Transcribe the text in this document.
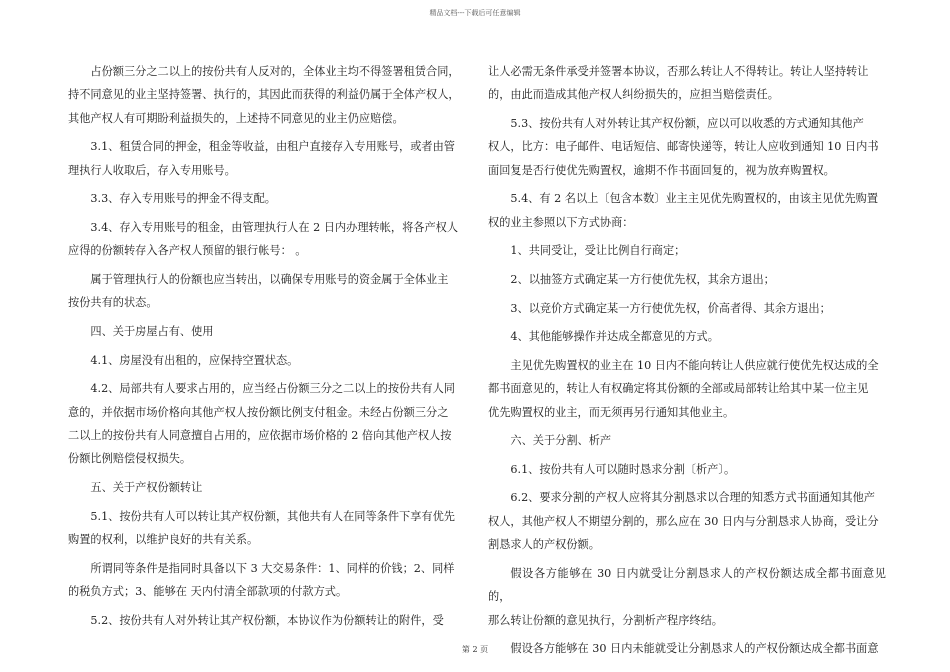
精品文档---下载后可任意编辑

占份额三分之二以上的按份共有人反对的，全体业主均不得签署租赁合同，

持不同意见的业主坚持签署、执行的，其因此而获得的利益仍属于全体产权人，

其他产权人有可期盼利益损失的，上述持不同意见的业主仍应赔偿。

3.1、租赁合同的押金，租金等收益，由租户直接存入专用账号，或者由管

理执行人收取后，存入专用账号。

3.3、存入专用账号的押金不得支配。

3.4、存入专用账号的租金，由管理执行人在 2 日内办理转帐，将各产权人

应得的份额转存入各产权人预留的银行帐号： 。

属于管理执行人的份额也应当转出，以确保专用账号的资金属于全体业主

按份共有的状态。

四、关于房屋占有、使用

4.1、房屋没有出租的，应保持空置状态。

4.2、局部共有人要求占用的，应当经占份额三分之二以上的按份共有人同

意的，并依据市场价格向其他产权人按份额比例支付租金。未经占份额三分之

二以上的按份共有人同意擅自占用的，应依据市场价格的 2 倍向其他产权人按

份额比例赔偿侵权损失。

五、关于产权份额转让

5.1、按份共有人可以转让其产权份额，其他共有人在同等条件下享有优先

购置的权利，以维护良好的共有关系。

所谓同等条件是指同时具备以下 3 大交易条件：1、同样的价钱；2、同样

的税负方式；3、能够在 天内付清全部款项的付款方式。

5.2、按份共有人对外转让其产权份额，本协议作为份额转让的附件，受

让人必需无条件承受并签署本协议，否那么转让人不得转让。转让人坚持转让

的，由此而造成其他产权人纠纷损失的，应担当赔偿责任。

5.3、按份共有人对外转让其产权份额，应以可以收悉的方式通知其他产

权人，比方：电子邮件、电话短信、邮寄快递等，转让人应收到通知 10 日内书

面回复是否行使优先购置权，逾期不作书面回复的，视为放弃购置权。

5.4、有 2 名以上〔包含本数〕业主主见优先购置权的，由该主见优先购置

权的业主参照以下方式协商：

1、共同受让，受让比例自行商定；

2、以抽签方式确定某一方行使优先权，其余方退出；

3、以竞价方式确定某一方行使优先权，价高者得、其余方退出；

4、其他能够操作并达成全都意见的方式。

主见优先购置权的业主在 10 日内不能向转让人供应就行使优先权达成的全

都书面意见的，转让人有权确定将其份额的全部或局部转让给其中某一位主见

优先购置权的业主，而无须再另行通知其他业主。

六、关于分割、析产

6.1、按份共有人可以随时恳求分割〔析产〕。

6.2、要求分割的产权人应将其分割恳求以合理的知悉方式书面通知其他产

权人，其他产权人不期望分割的，那么应在 30 日内与分割恳求人协商，受让分

割恳求人的产权份额。

假设各方能够在 30 日内就受让分割恳求人的产权份额达成全都书面意见的，

那么转让份额的意见执行，分割析产程序终结。

假设各方能够在 30 日内未能就受让分割恳求人的产权份额达成全都书面意

第 2 页
